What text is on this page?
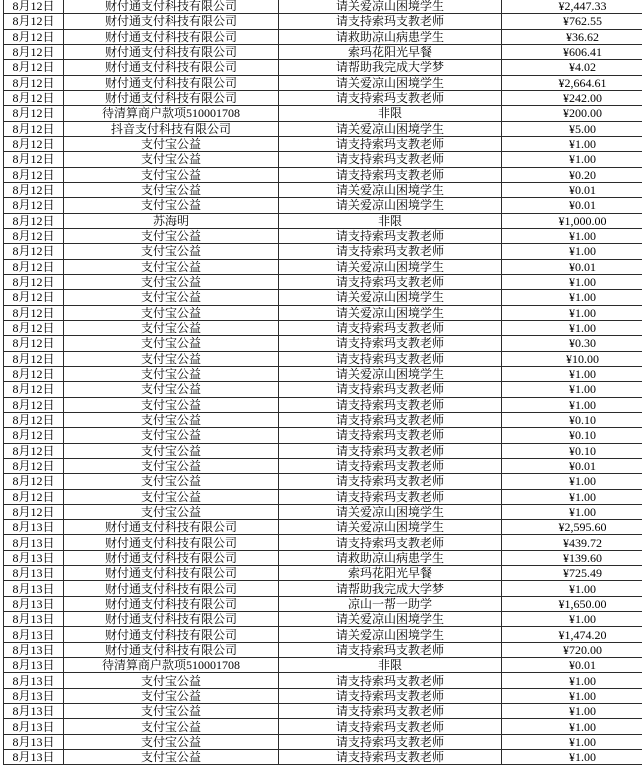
8月12日	财付通支付科技有限公司	请关爱凉山困境学生	¥2,447.33
8月12日	财付通支付科技有限公司	请支持索玛支教老师	¥762.55
8月12日	财付通支付科技有限公司	请救助凉山病患学生	¥36.62
8月12日	财付通支付科技有限公司	索玛花阳光早餐	¥606.41
8月12日	财付通支付科技有限公司	请帮助我完成大学梦	¥4.02
8月12日	财付通支付科技有限公司	请关爱凉山困境学生	¥2,664.61
8月12日	财付通支付科技有限公司	请支持索玛支教老师	¥242.00
8月12日	待清算商户款项510001708	非限	¥200.00
8月12日	抖音支付科技有限公司	请关爱凉山困境学生	¥5.00
8月12日	支付宝公益	请支持索玛支教老师	¥1.00
8月12日	支付宝公益	请支持索玛支教老师	¥1.00
8月12日	支付宝公益	请支持索玛支教老师	¥0.20
8月12日	支付宝公益	请关爱凉山困境学生	¥0.01
8月12日	支付宝公益	请关爱凉山困境学生	¥0.01
8月12日	苏海明	非限	¥1,000.00
8月12日	支付宝公益	请支持索玛支教老师	¥1.00
8月12日	支付宝公益	请支持索玛支教老师	¥1.00
8月12日	支付宝公益	请关爱凉山困境学生	¥0.01
8月12日	支付宝公益	请支持索玛支教老师	¥1.00
8月12日	支付宝公益	请关爱凉山困境学生	¥1.00
8月12日	支付宝公益	请关爱凉山困境学生	¥1.00
8月12日	支付宝公益	请支持索玛支教老师	¥1.00
8月12日	支付宝公益	请支持索玛支教老师	¥0.30
8月12日	支付宝公益	请支持索玛支教老师	¥10.00
8月12日	支付宝公益	请关爱凉山困境学生	¥1.00
8月12日	支付宝公益	请支持索玛支教老师	¥1.00
8月12日	支付宝公益	请支持索玛支教老师	¥1.00
8月12日	支付宝公益	请支持索玛支教老师	¥0.10
8月12日	支付宝公益	请支持索玛支教老师	¥0.10
8月12日	支付宝公益	请支持索玛支教老师	¥0.10
8月12日	支付宝公益	请支持索玛支教老师	¥0.01
8月12日	支付宝公益	请支持索玛支教老师	¥1.00
8月12日	支付宝公益	请支持索玛支教老师	¥1.00
8月12日	支付宝公益	请关爱凉山困境学生	¥1.00
8月13日	财付通支付科技有限公司	请关爱凉山困境学生	¥2,595.60
8月13日	财付通支付科技有限公司	请支持索玛支教老师	¥439.72
8月13日	财付通支付科技有限公司	请救助凉山病患学生	¥139.60
8月13日	财付通支付科技有限公司	索玛花阳光早餐	¥725.49
8月13日	财付通支付科技有限公司	请帮助我完成大学梦	¥1.00
8月13日	财付通支付科技有限公司	凉山一帮一助学	¥1,650.00
8月13日	财付通支付科技有限公司	请关爱凉山困境学生	¥1.00
8月13日	财付通支付科技有限公司	请关爱凉山困境学生	¥1,474.20
8月13日	财付通支付科技有限公司	请支持索玛支教老师	¥720.00
8月13日	待清算商户款项510001708	非限	¥0.01
8月13日	支付宝公益	请支持索玛支教老师	¥1.00
8月13日	支付宝公益	请支持索玛支教老师	¥1.00
8月13日	支付宝公益	请支持索玛支教老师	¥1.00
8月13日	支付宝公益	请支持索玛支教老师	¥1.00
8月13日	支付宝公益	请支持索玛支教老师	¥1.00
8月13日	支付宝公益	请支持索玛支教老师	¥1.00
